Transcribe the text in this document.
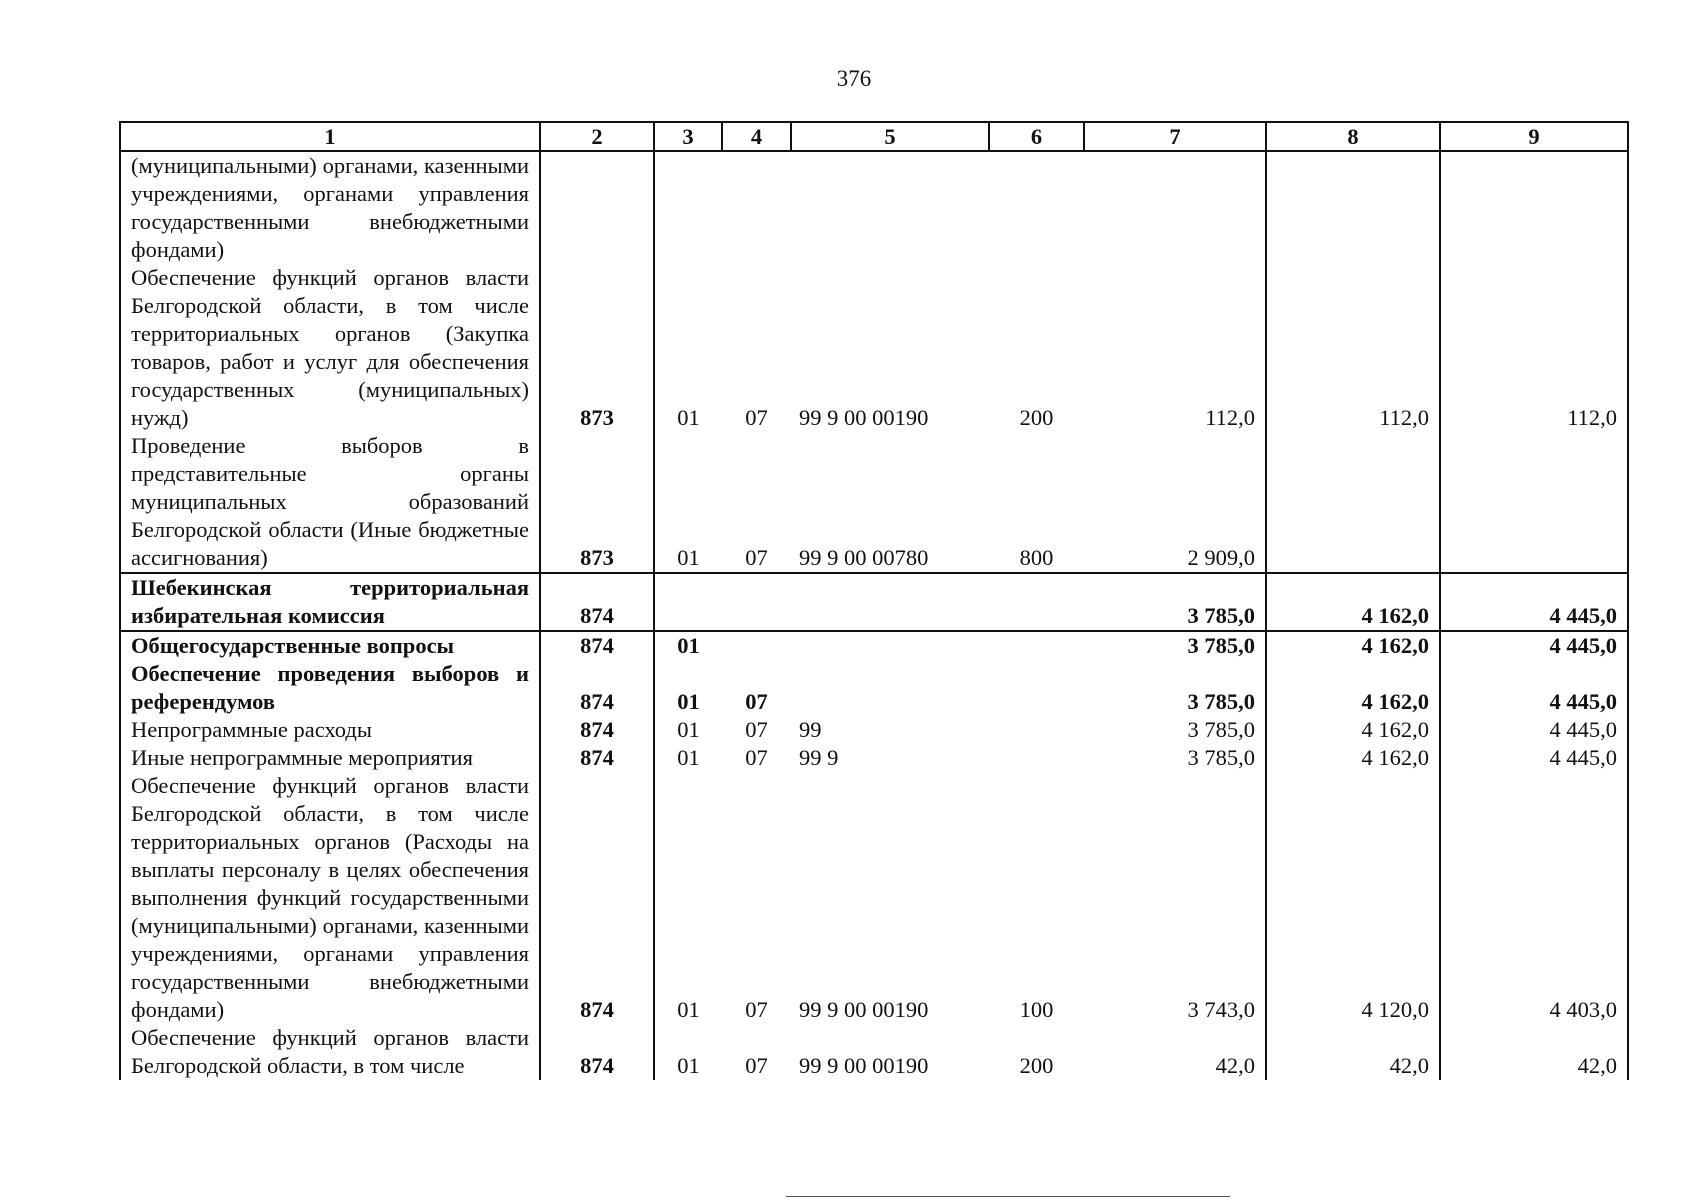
376
1	2	3	4	5	6	7	8	9
(муниципальными) органами, казенными учреждениями, органами управления государственными внебюджетными фондами)								
Обеспечение функций органов власти Белгородской области, в том числе территориальных органов (Закупка товаров, работ и услуг для обеспечения государственных (муниципальных) нужд)	873	01	07	99 9 00 00190	200	112,0	112,0	112,0
Проведение выборов в представительные органы муниципальных образований Белгородской области (Иные бюджетные ассигнования)	873	01	07	99 9 00 00780	800	2 909,0		
Шебекинская территориальная избирательная комиссия	874					3 785,0	4 162,0	4 445,0
Общегосударственные вопросы	874	01				3 785,0	4 162,0	4 445,0
Обеспечение проведения выборов и референдумов	874	01	07			3 785,0	4 162,0	4 445,0
Непрограммные расходы	874	01	07	99		3 785,0	4 162,0	4 445,0
Иные непрограммные мероприятия	874	01	07	99 9		3 785,0	4 162,0	4 445,0
Обеспечение функций органов власти Белгородской области, в том числе территориальных органов (Расходы на выплаты персоналу в целях обеспечения выполнения функций государственными (муниципальными) органами, казенными учреждениями, органами управления государственными внебюджетными фондами)	874	01	07	99 9 00 00190	100	3 743,0	4 120,0	4 403,0
Обеспечение функций органов власти Белгородской области, в том числе	874	01	07	99 9 00 00190	200	42,0	42,0	42,0
